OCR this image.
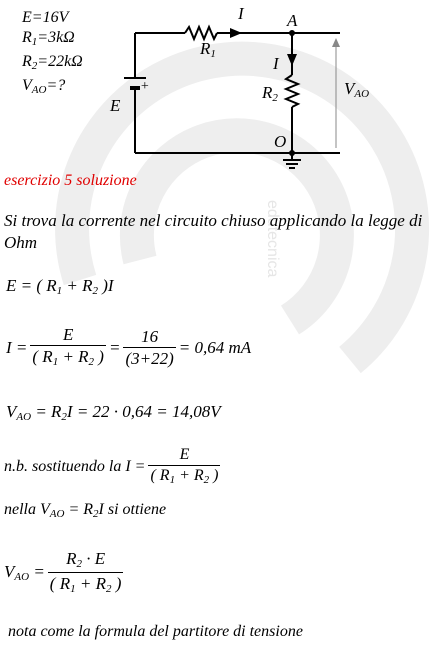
edutecnica
E=16V
$R_1=3k\Omega$
$R_2=22k\Omega$
$V_{AO}=$?
I	A
$R_1$
+
E
I
$R_2$
O
$V_{AO}$
esercizio 5 soluzione
Si trova la corrente nel circuito chiuso applicando la legge di Ohm
E = ( $R_1 + R_2$ )I
$I = \frac{E}{( R_1 + R_2 )} = \frac{16}{(3+22)} = 0,64$ mA
$V_{AO} = R_2I = 22 \cdot 0,64 = 14,08V$
n.b. sostituendo la $I = \frac{E}{( R_1 + R_2 )}$
nella $V_{AO} = R_2I$ si ottiene
$V_{AO} = \frac{R_2 \cdot E}{( R_1 + R_2 )}$
nota come la formula del partitore di tensione
